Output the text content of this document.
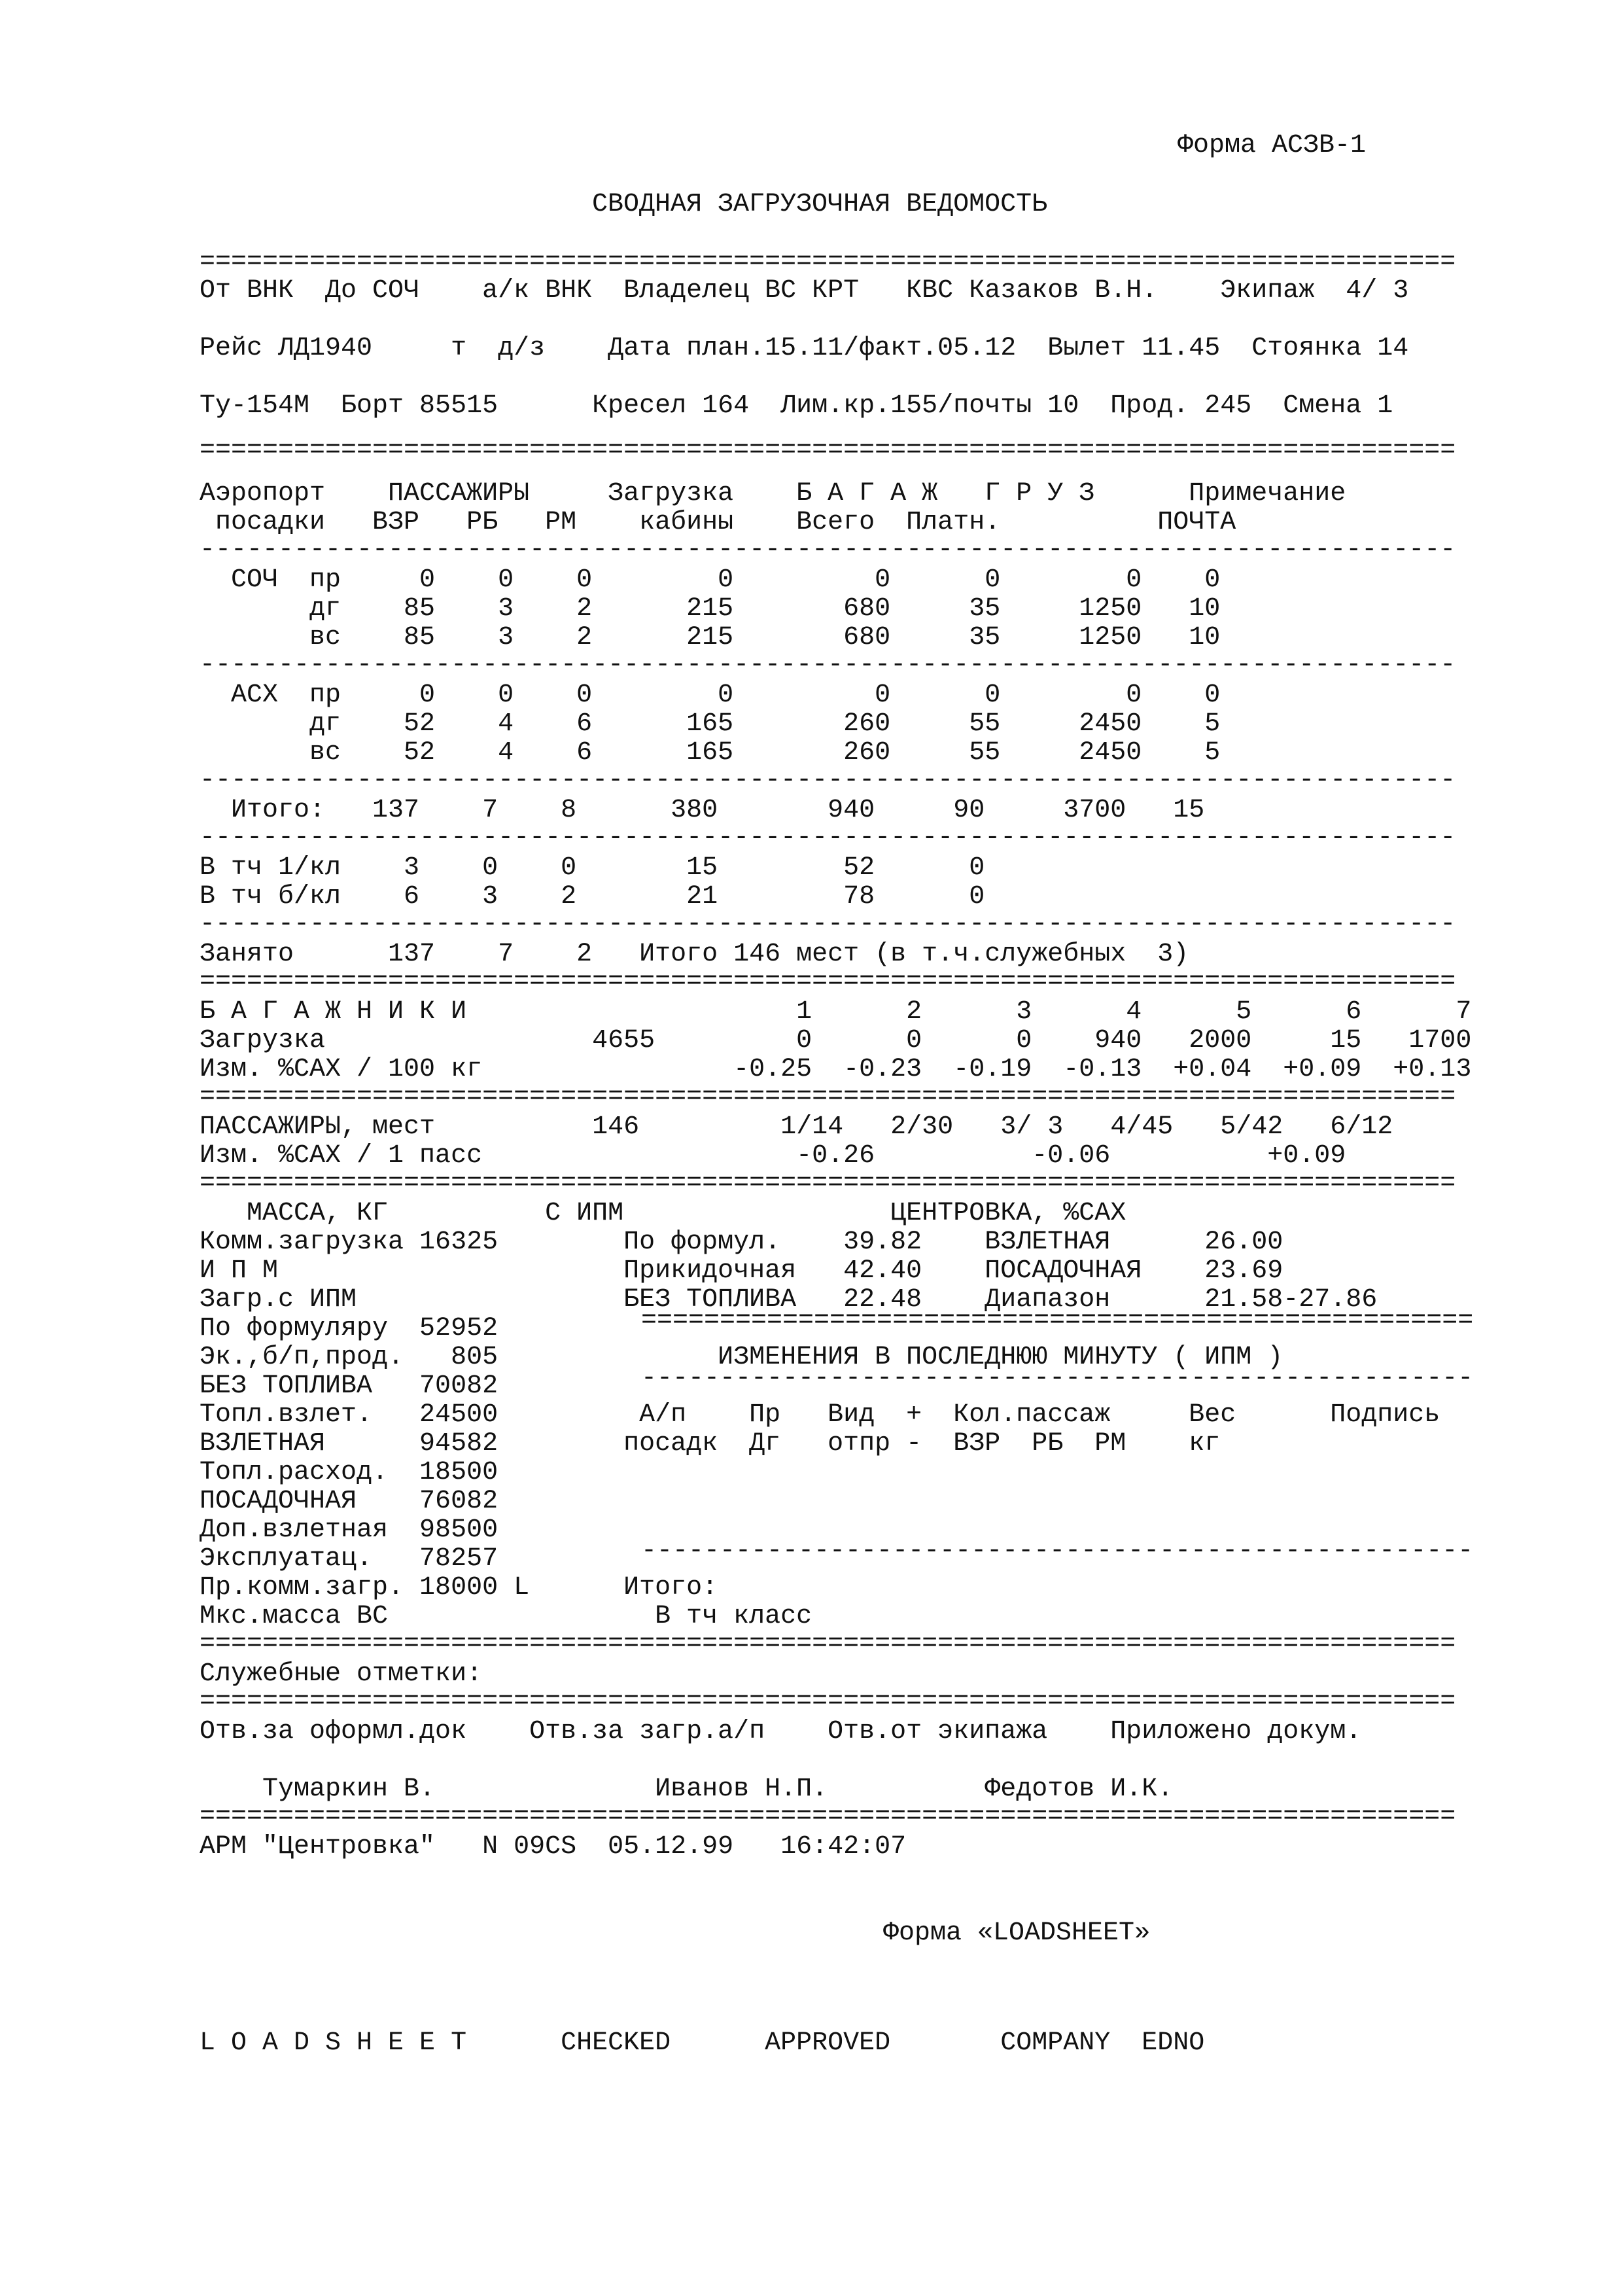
Форма АСЗВ-1
СВОДНАЯ ЗАГРУЗОЧНАЯ ВЕДОМОСТЬ
================================================================================
От ВНК  До СОЧ    а/к ВНК  Владелец ВС КРТ   КВС Казаков В.Н.    Экипаж  4/ 3
Рейс ЛД1940     т  д/з    Дата план.15.11/факт.05.12  Вылет 11.45  Стоянка 14
Ту-154М  Борт 85515      Кресел 164  Лим.кр.155/почты 10  Прод. 245  Смена 1
================================================================================
Аэропорт    ПАССАЖИРЫ     Загрузка    Б А Г А Ж   Г Р У З      Примечание
посадки   ВЗР   РБ   РМ    кабины    Всего  Платн.          ПОЧТА
--------------------------------------------------------------------------------
СОЧ  пр     0    0    0        0         0      0        0    0
дг    85    3    2      215       680     35     1250   10
вс    85    3    2      215       680     35     1250   10
--------------------------------------------------------------------------------
АСХ  пр     0    0    0        0         0      0        0    0
дг    52    4    6      165       260     55     2450    5
вс    52    4    6      165       260     55     2450    5
--------------------------------------------------------------------------------
Итого:   137    7    8      380       940     90     3700   15
--------------------------------------------------------------------------------
В тч 1/кл    3    0    0       15        52      0
В тч б/кл    6    3    2       21        78      0
--------------------------------------------------------------------------------
Занято      137    7    2   Итого 146 мест (в т.ч.служебных  3)
================================================================================
Б А Г А Ж Н И К И                     1      2      3      4      5      6      7
Загрузка                 4655         0      0      0    940   2000     15   1700
Изм. %САХ / 100 кг                -0.25  -0.23  -0.19  -0.13  +0.04  +0.09  +0.13
================================================================================
ПАССАЖИРЫ, мест          146         1/14   2/30   3/ 3   4/45   5/42   6/12
Изм. %САХ / 1 пасс                    -0.26          -0.06          +0.09
================================================================================
МАССА, КГ          С ИПМ                 ЦЕНТРОВКА, %САХ
Комм.загрузка 16325        По формул.    39.82    ВЗЛЕТНАЯ      26.00
И П М                      Прикидочная   42.40    ПОСАДОЧНАЯ    23.69
Загр.с ИПМ                 БЕЗ ТОПЛИВА   22.48    Диапазон      21.58-27.86
По формуляру  52952	=====================================================
Эк.,б/п,прод.   805              ИЗМЕНЕНИЯ В ПОСЛЕДНЮЮ МИНУТУ ( ИПМ )
БЕЗ ТОПЛИВА   70082	-----------------------------------------------------
Топл.взлет.   24500         А/п    Пр   Вид  +  Кол.пассаж     Вес      Подпись
ВЗЛЕТНАЯ      94582        посадк  Дг   отпр -  ВЗР  РБ  РМ    кг
Топл.расход.  18500
ПОСАДОЧНАЯ    76082
Доп.взлетная  98500
Эксплуатац.   78257	-----------------------------------------------------
Пр.комм.загр. 18000 L      Итого:
Мкс.масса ВС                 В тч класс
================================================================================
Служебные отметки:
================================================================================
Отв.за оформл.док    Отв.за загр.а/п    Отв.от экипажа    Приложено докум.
Тумаркин В.              Иванов Н.П.          Федотов И.К.
================================================================================
АРМ "Центровка"   N 09CS  05.12.99   16:42:07
Форма «LOADSHEET»
L O A D S H E E T      CHECKED      APPROVED       COMPANY  EDNO
